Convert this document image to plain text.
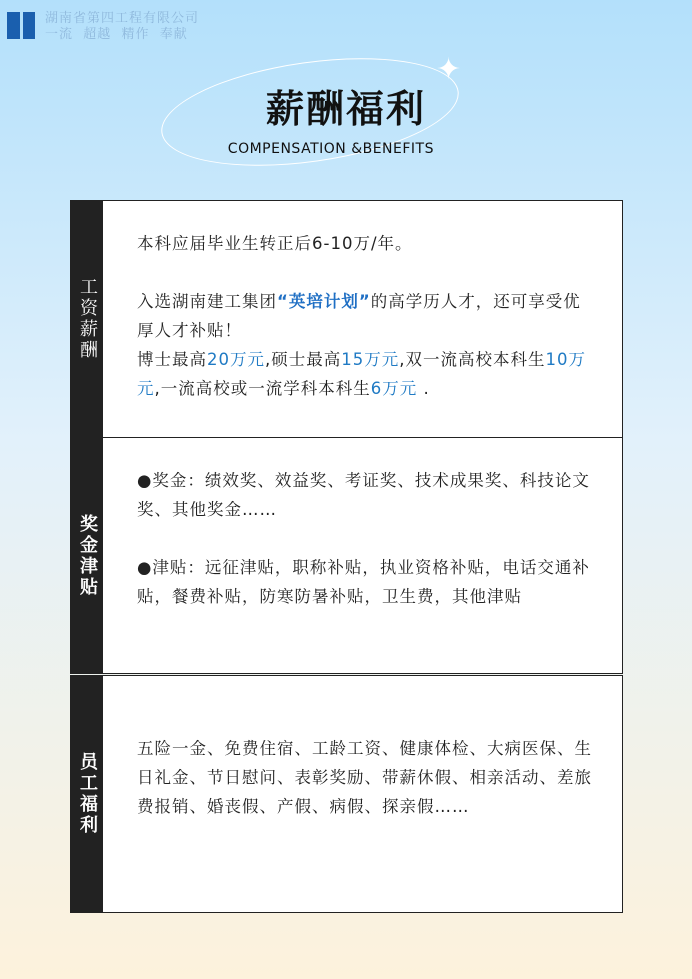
湖南省第四工程有限公司
一流  超越  精作  奉献
✦
薪酬福利
COMPENSATION &BENEFITS
工资薪酬

本科应届毕业生转正后6-10万/年。

入选湖南建工集团“英培计划”的高学历人才，还可享受优厚人才补贴！

博士最高20万元,硕士最高15万元,双一流高校本科生10万元,一流高校或一流学科本科生6万元 .

奖金津贴

●奖金：绩效奖、效益奖、考证奖、技术成果奖、科技论文奖、其他奖金……

●津贴：远征津贴，职称补贴，执业资格补贴，电话交通补贴，餐费补贴，防寒防暑补贴，卫生费，其他津贴

员工福利

五险一金、免费住宿、工龄工资、健康体检、大病医保、生日礼金、节日慰问、表彰奖励、带薪休假、相亲活动、差旅费报销、婚丧假、产假、病假、探亲假……
